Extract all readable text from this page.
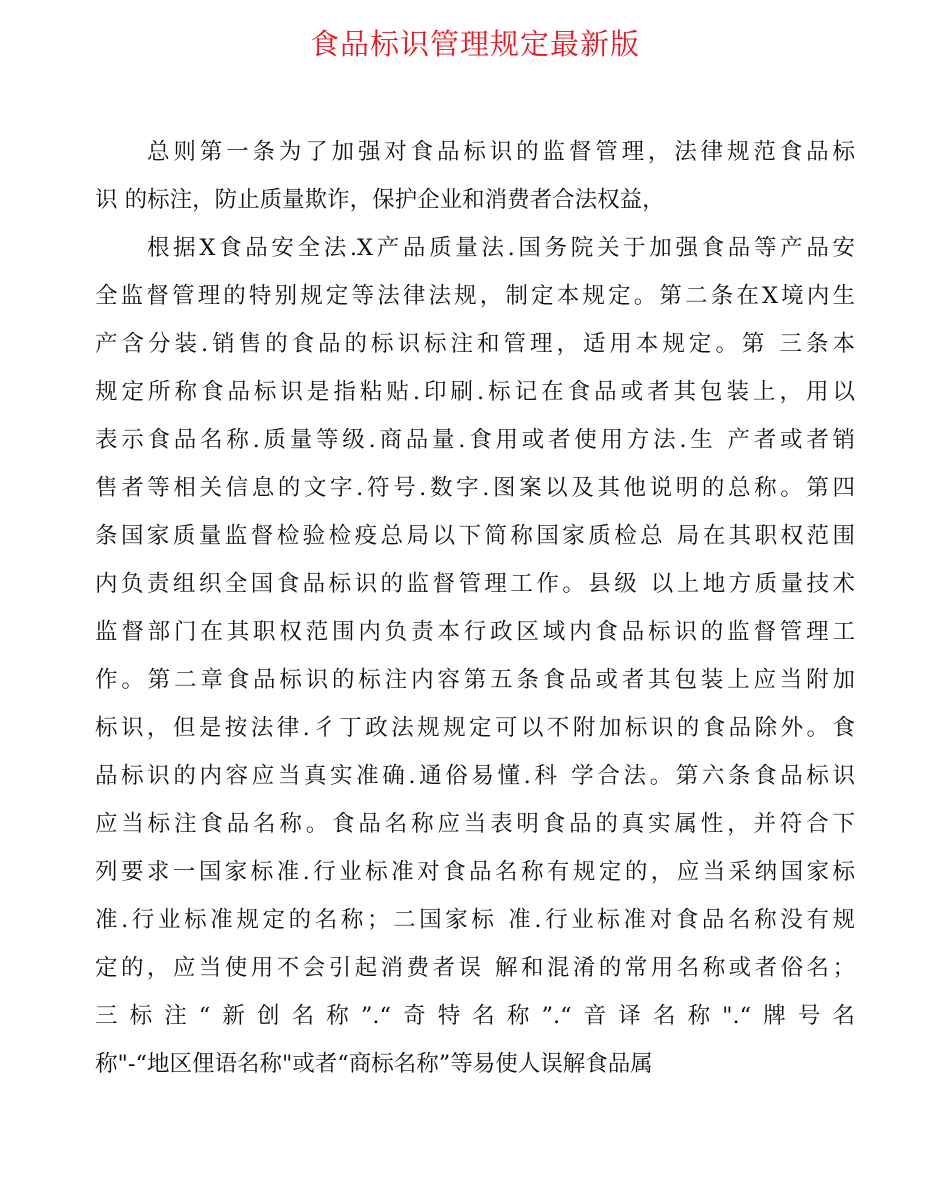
食品标识管理规定最新版
总则第一条为了加强对食品标识的监督管理，法律规范食品标
识 的标注，防止质量欺诈，保护企业和消费者合法权益，
根据X食品安全法.X产品质量法.国务院关于加强食品等产品安
全监督管理的特别规定等法律法规，制定本规定。第二条在X境内生
产含分装.销售的食品的标识标注和管理，适用本规定。第 三条本
规定所称食品标识是指粘贴.印刷.标记在食品或者其包装上，用以
表示食品名称.质量等级.商品量.食用或者使用方法.生 产者或者销
售者等相关信息的文字.符号.数字.图案以及其他说明的总称。第四
条国家质量监督检验检疫总局以下简称国家质检总 局在其职权范围
内负责组织全国食品标识的监督管理工作。县级 以上地方质量技术
监督部门在其职权范围内负责本行政区域内食品标识的监督管理工
作。第二章食品标识的标注内容第五条食品或者其包装上应当附加
标识，但是按法律.彳丁政法规规定可以不附加标识的食品除外。食
品标识的内容应当真实准确.通俗易懂.科 学合法。第六条食品标识
应当标注食品名称。食品名称应当表明食品的真实属性，并符合下
列要求一国家标准.行业标准对食品名称有规定的，应当采纳国家标
准.行业标准规定的名称；二国家标 准.行业标准对食品名称没有规
定的，应当使用不会引起消费者误 解和混淆的常用名称或者俗名；
三标注“新创名称”.“奇特名称”.“音译名称".“牌号名
称"-“地区俚语名称"或者“商标名称”等易使人误解食品属
